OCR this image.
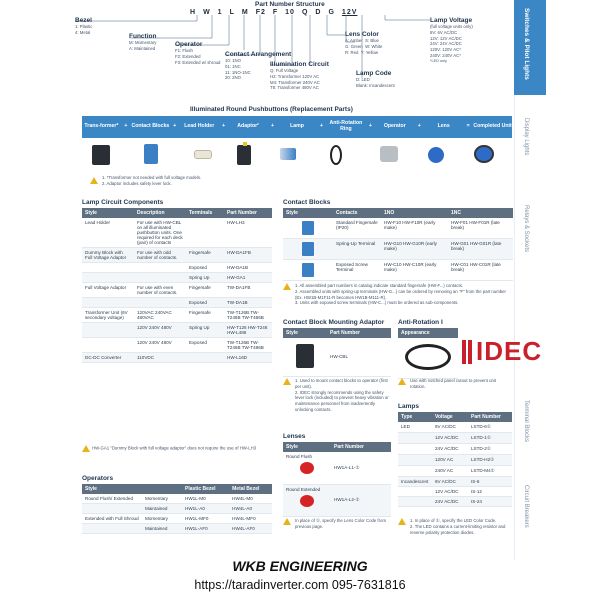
Switches & Pilot Lights
Display Lights
Relays & Sockets
Terminal Blocks
Circuit Breakers
Part Number Structure
H W 1 L M F2 F 10 Q D G 12V
Bezel
1: Plastic
4: Metal
Function
M: Momentary
A: Maintained
Operator
F1: Flush
F2: Extended
F3: Extended w/ shroud
Contact Arrangement
10: 1NO
01: 1NC
11: 1NO-1NC
20: 2NO
Illumination Circuit
Q: Full Voltage
H2: Transformer 120V AC
M4: Transformer 240V AC
T8: Transformer 480V AC
Lens Color
A: Amber S: Blue
G: Green W: White
R: Red Y: Yellow
Lamp Code
D: LED
Blank: Incandescent
Lamp Voltage
(full voltage units only)
6V: 6V AC/DC
12V: 12V AC/DC
24V: 24V AC/DC
120V: 120V AC*
240V: 240V AC*
*LED only
Illuminated Round Pushbuttons (Replacement Parts)
Trans-former*	+ Contact Blocks +	Lead Holder	+	Adaptor²	+	Lamp	+	Anti-Rotation Ring	+	Operator	+	Lens	= Completed Unit
1. *Transformer not needed with full voltage models.
2. Adaptor includes safety lever lock.
Lamp Circuit Components
Style	Description	Terminals	Part Number
Lead Holder	For use with HW-CBL on all illuminated pushbutton units. One required for each deck (pair) of contacts		HW-LH3
Dummy Block with Full Voltage Adaptor	For use with odd number of contacts.	Fingersafe	HW-DA1FB
		Exposed	HW-DA1B
		Spring Up	HW-GA1
Full Voltage Adaptor	For use with even number of contacts.	Fingersafe	TW-DA1FB
		Exposed	TW-DA1B
Transformer Unit (6V secondary voltage)	120VAC 240VAC 480VAC	Fingersafe	TW-T126B TW-T246B TW-T486B
	120V 240V 480V	Spring Up	HW-T126 HW-T246 HW-L486
	120V 240V 480V	Exposed	TW-T126B TW-T246B TW-T486B
DC-DC Converter	110VDC		HW-L16D
HW-GA1 "Dummy Block with full voltage adaptor" does not require the use of HW-LH3
Operators
Style		Plastic Bezel	Metal Bezel
Round Flush/ Extended	Momentary	HW1L-M0	HW4L-M0
	Maintained	HW1L-A0	HW4L-A0
Extended with Full Shroud	Momentary	HW1L-MF0	HW4L-MF0
	Maintained	HW1L-AF0	HW4L-AF0
Contact Blocks
Style	Contacts	1NO	1NC

	Standard Fingersafe (IP20)	HW-F10 HW-F10R (early make)	HW-F01 HW-F01R (late break)

	Spring-Up Terminal	HW-G10 HW-G10R (early make)	HW-G01 HW-G01R (late break)

	Exposed Screw Terminal	HW-C10 HW-C10R (early make)	HW-C01 HW-C01R (late break)
1. All assembled part numbers in catalog indicate standard fingersafe (HW-F...) contacts.
2. Assembled units with spring-up terminals (HW-G...) can be ordered by removing an "F" from the part number (Ex. HW1B-M1F11-R becomes HW1B-M111-R).
3. Units with exposed screw terminals (HW-C...) must be ordered as sub-components.
Contact Block Mounting Adaptor
Style	Part Number

	HW-CBL
1. Used to mount contact blocks to operator (first per unit).
2. IDEC strongly recommends using the safety lever lock (included) to prevent heavy vibration or maintenance personnel from inadvertently unlocking contacts.
Anti-Rotation I
Appearance

Use with notched panel cutout to prevent unit rotation.
IDEC
Lenses
Style	Part Number

Round Flush	HW1A-L1-①

Round Extended	HW1A-L2-①
In place of ①, specify the Lens Color Code from previous page.
Lamps
Type	Voltage	Part Number
LED	6V AC/DC	LSTD-6①
	12V AC/DC	LSTD-1①
	24V AC/DC	LSTD-2①
	120V AC	LSTD-H2①
	240V AC	LSTD-M4①
Incandescent	6V AC/DC	IS-6
	12V AC/DC	IS-12
	24V AC/DC	IS-24
1. In place of ①, specify the LED Color Code.
2. The LED contains a current-limiting resistor and reverse polarity protection diodes.
WKB ENGINEERING
https://taradinverter.com 095-7631816
